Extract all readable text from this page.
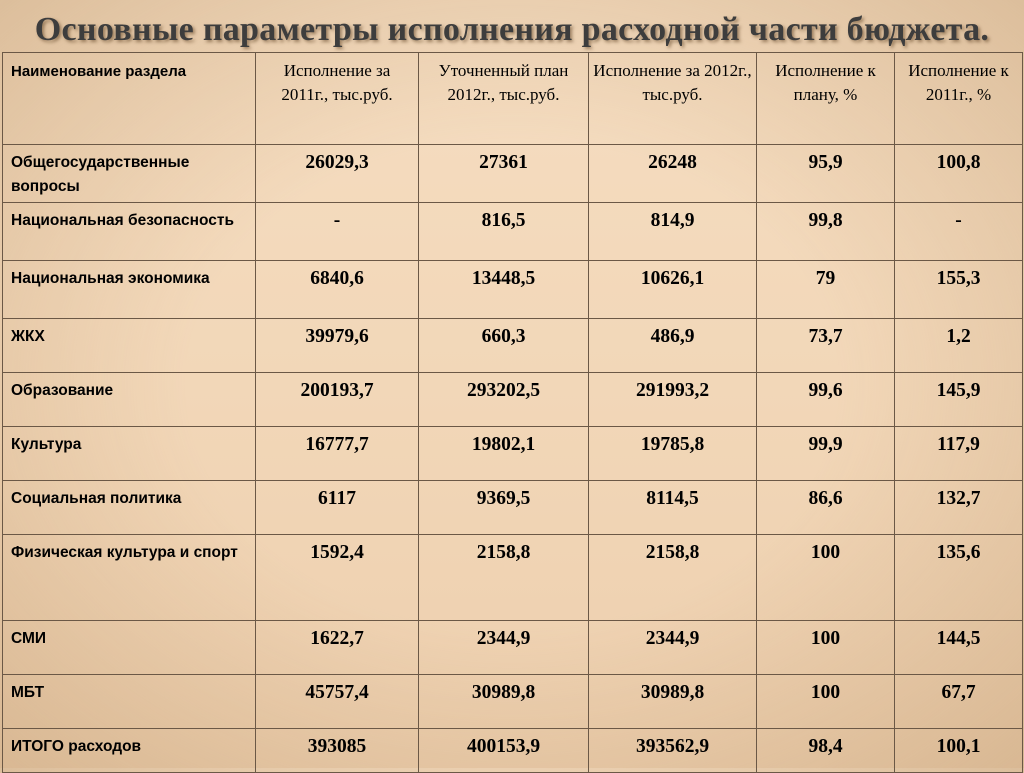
Основные параметры исполнения расходной части бюджета.
Наименование раздела	Исполнение за 2011г., тыс.руб.	Уточненный план 2012г., тыс.руб.	Исполнение за 2012г., тыс.руб.	Исполнение к плану, %	Исполнение к 2011г., %
Общегосударственные вопросы	26029,3	27361	26248	95,9	100,8
Национальная безопасность	-	816,5	814,9	99,8	-
Национальная экономика	6840,6	13448,5	10626,1	79	155,3
ЖКХ	39979,6	660,3	486,9	73,7	1,2
Образование	200193,7	293202,5	291993,2	99,6	145,9
Культура	16777,7	19802,1	19785,8	99,9	117,9
Социальная политика	6117	9369,5	8114,5	86,6	132,7
Физическая культура и спорт	1592,4	2158,8	2158,8	100	135,6
СМИ	1622,7	2344,9	2344,9	100	144,5
МБТ	45757,4	30989,8	30989,8	100	67,7
ИТОГО расходов	393085	400153,9	393562,9	98,4	100,1
